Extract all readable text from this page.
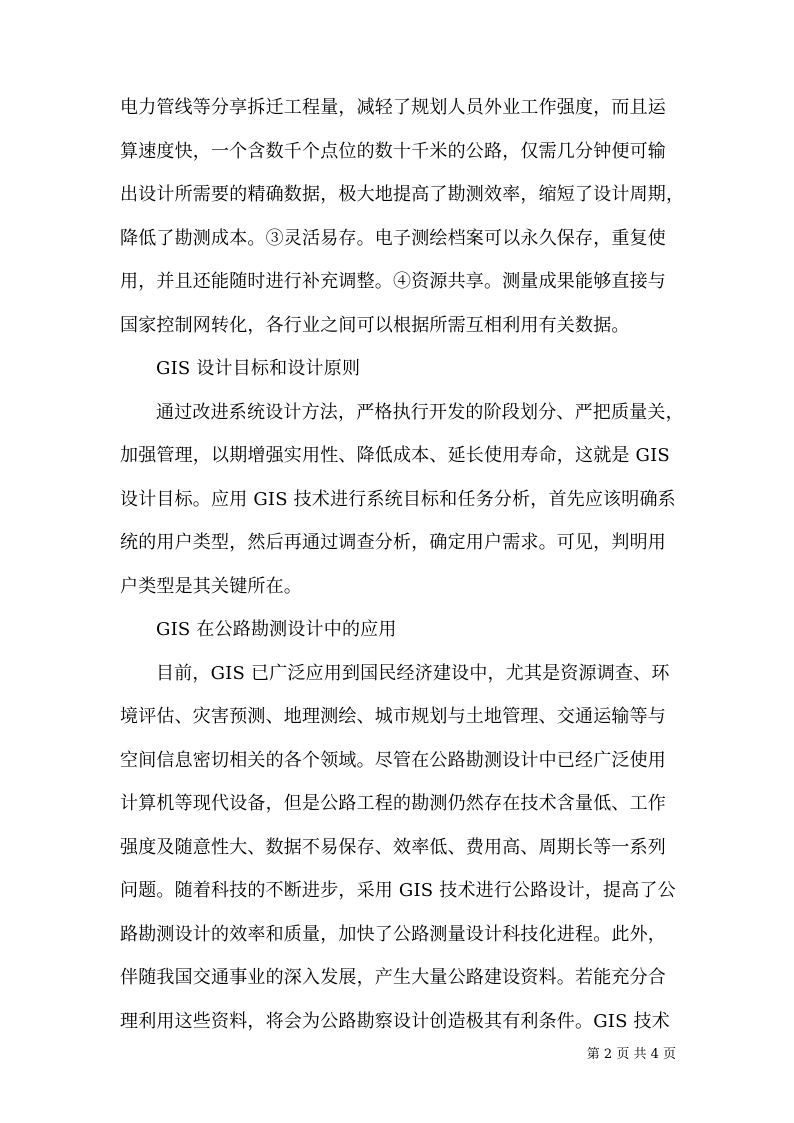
电力管线等分享拆迁工程量，减轻了规划人员外业工作强度，而且运
算速度快，一个含数千个点位的数十千米的公路，仅需几分钟便可输
出设计所需要的精确数据，极大地提高了勘测效率，缩短了设计周期，
降低了勘测成本。③灵活易存。电子测绘档案可以永久保存，重复使
用，并且还能随时进行补充调整。④资源共享。测量成果能够直接与
国家控制网转化，各行业之间可以根据所需互相利用有关数据。
GIS 设计目标和设计原则
通过改进系统设计方法，严格执行开发的阶段划分、严把质量关，
加强管理，以期增强实用性、降低成本、延长使用寿命，这就是 GIS
设计目标。应用 GIS 技术进行系统目标和任务分析，首先应该明确系
统的用户类型，然后再通过调查分析，确定用户需求。可见，判明用
户类型是其关键所在。
GIS 在公路勘测设计中的应用
目前，GIS 已广泛应用到国民经济建设中，尤其是资源调查、环
境评估、灾害预测、地理测绘、城市规划与土地管理、交通运输等与
空间信息密切相关的各个领域。尽管在公路勘测设计中已经广泛使用
计算机等现代设备，但是公路工程的勘测仍然存在技术含量低、工作
强度及随意性大、数据不易保存、效率低、费用高、周期长等一系列
问题。随着科技的不断进步，采用 GIS 技术进行公路设计，提高了公
路勘测设计的效率和质量，加快了公路测量设计科技化进程。此外，
伴随我国交通事业的深入发展，产生大量公路建设资料。若能充分合
第 2 页 共 4 页
理利用这些资料，将会为公路勘察设计创造极其有利条件。GIS 技术
